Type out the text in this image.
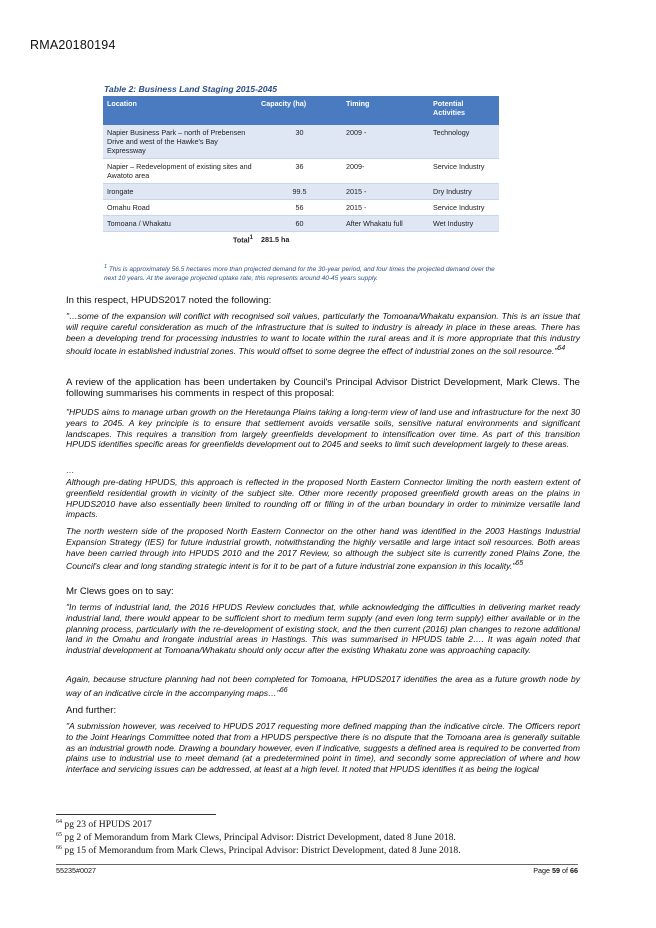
RMA20180194
Table 2: Business Land Staging 2015-2045
Location	Capacity (ha)	Timing	Potential Activities
Napier Business Park – north of Prebensen Drive and west of the Hawke's Bay Expressway	30	2009 -	Technology
Napier – Redevelopment of existing sites and Awatoto area	36	2009-	Service Industry
Irongate	99.5	2015 -	Dry Industry
Omahu Road	56	2015 -	Service Industry
Tomoana / Whakatu	60	After Whakatu full	Wet Industry
Total$^1$	281.5 ha		
$^1$ This is approximately 56.5 hectares more than projected demand for the 30-year period, and four times the projected demand over the next 10 years. At the average projected uptake rate, this represents around 40-45 years supply.
In this respect, HPUDS2017 noted the following:
"…some of the expansion will conflict with recognised soil values, particularly the Tomoana/Whakatu expansion. This is an issue that will require careful consideration as much of the infrastructure that is suited to industry is already in place in these areas. There has been a developing trend for processing industries to want to locate within the rural areas and it is more appropriate that this industry should locate in established industrial zones. This would offset to some degree the effect of industrial zones on the soil resource."$^{64}$
A review of the application has been undertaken by Council's Principal Advisor District Development, Mark Clews. The following summarises his comments in respect of this proposal:
"HPUDS aims to manage urban growth on the Heretaunga Plains taking a long-term view of land use and infrastructure for the next 30 years to 2045. A key principle is to ensure that settlement avoids versatile soils, sensitive natural environments and significant landscapes. This requires a transition from largely greenfields development to intensification over time. As part of this transition HPUDS identifies specific areas for greenfields development out to 2045 and seeks to limit such development largely to these areas.
…
Although pre-dating HPUDS, this approach is reflected in the proposed North Eastern Connector limiting the north eastern extent of greenfield residential growth in vicinity of the subject site. Other more recently proposed greenfield growth areas on the plains in HPUDS2010 have also essentially been limited to rounding off or filling in of the urban boundary in order to minimize versatile land impacts.
The north western side of the proposed North Eastern Connector on the other hand was identified in the 2003 Hastings Industrial Expansion Strategy (IES) for future industrial growth, notwithstanding the highly versatile and large intact soil resources. Both areas have been carried through into HPUDS 2010 and the 2017 Review, so although the subject site is currently zoned Plains Zone, the Council's clear and long standing strategic intent is for it to be part of a future industrial zone expansion in this locality."$^{65}$
Mr Clews goes on to say:
"In terms of industrial land, the 2016 HPUDS Review concludes that, while acknowledging the difficulties in delivering market ready industrial land, there would appear to be sufficient short to medium term supply (and even long term supply) either available or in the planning process, particularly with the re-development of existing stock, and the then current (2016) plan changes to rezone additional land in the Omahu and Irongate industrial areas in Hastings. This was summarised in HPUDS table 2…. It was again noted that industrial development at Tomoana/Whakatu should only occur after the existing Whakatu zone was approaching capacity.
Again, because structure planning had not been completed for Tomoana, HPUDS2017 identifies the area as a future growth node by way of an indicative circle in the accompanying maps…"$^{66}$
And further:
"A submission however, was received to HPUDS 2017 requesting more defined mapping than the indicative circle. The Officers report to the Joint Hearings Committee noted that from a HPUDS perspective there is no dispute that the Tomoana area is generally suitable as an industrial growth node. Drawing a boundary however, even if indicative, suggests a defined area is required to be converted from plains use to industrial use to meet demand (at a predetermined point in time), and secondly some appreciation of where and how interface and servicing issues can be addressed, at least at a high level. It noted that HPUDS identifies it as being the logical
$^{64}$ pg 23 of HPUDS 2017
$^{65}$ pg 2 of Memorandum from Mark Clews, Principal Advisor: District Development, dated 8 June 2018.
$^{66}$ pg 15 of Memorandum from Mark Clews, Principal Advisor: District Development, dated 8 June 2018.
55235#0027	Page 59 of 66
